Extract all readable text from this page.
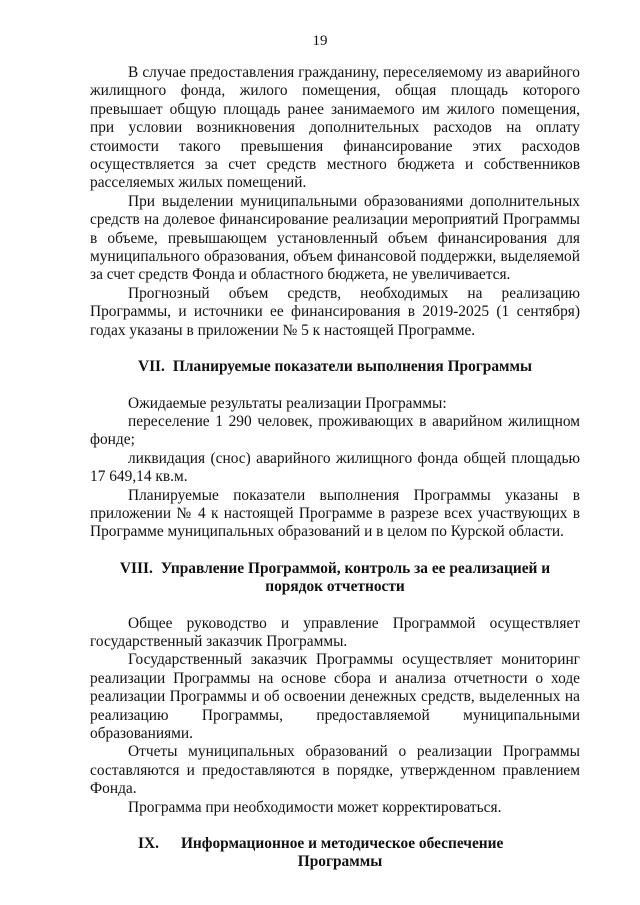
19

В случае предоставления гражданину, переселяемому из аварийного жилищного фонда, жилого помещения, общая площадь которого превышает общую площадь ранее занимаемого им жилого помещения, при условии возникновения дополнительных расходов на оплату стоимости такого превышения финансирование этих расходов осуществляется за счет средств местного бюджета и собственников расселяемых жилых помещений.

При выделении муниципальными образованиями дополнительных средств на долевое финансирование реализации мероприятий Программы в объеме, превышающем установленный объем финансирования для муниципального образования, объем финансовой поддержки, выделяемой за счет средств Фонда и областного бюджета, не увеличивается.

Прогнозный объем средств, необходимых на реализацию Программы, и источники ее финансирования в 2019-2025 (1 сентября) годах указаны в приложении № 5 к настоящей Программе.

VII. Планируемые показатели выполнения Программы

Ожидаемые результаты реализации Программы:

переселение 1 290 человек, проживающих в аварийном жилищном фонде;

ликвидация (снос) аварийного жилищного фонда общей площадью 17 649,14 кв.м.

Планируемые показатели выполнения Программы указаны в приложении № 4 к настоящей Программе в разрезе всех участвующих в Программе муниципальных образований и в целом по Курской области.

VIII. Управление Программой, контроль за ее реализацией и
порядок отчетности

Общее руководство и управление Программой осуществляет государственный заказчик Программы.

Государственный заказчик Программы осуществляет мониторинг реализации Программы на основе сбора и анализа отчетности о ходе реализации Программы и об освоении денежных средств, выделенных на реализацию Программы, предоставляемой муниципальными образованиями.

Отчеты муниципальных образований о реализации Программы составляются и предоставляются в порядке, утвержденном правлением Фонда.

Программа при необходимости может корректироваться.

IX. Информационное и методическое обеспечение
Программы
